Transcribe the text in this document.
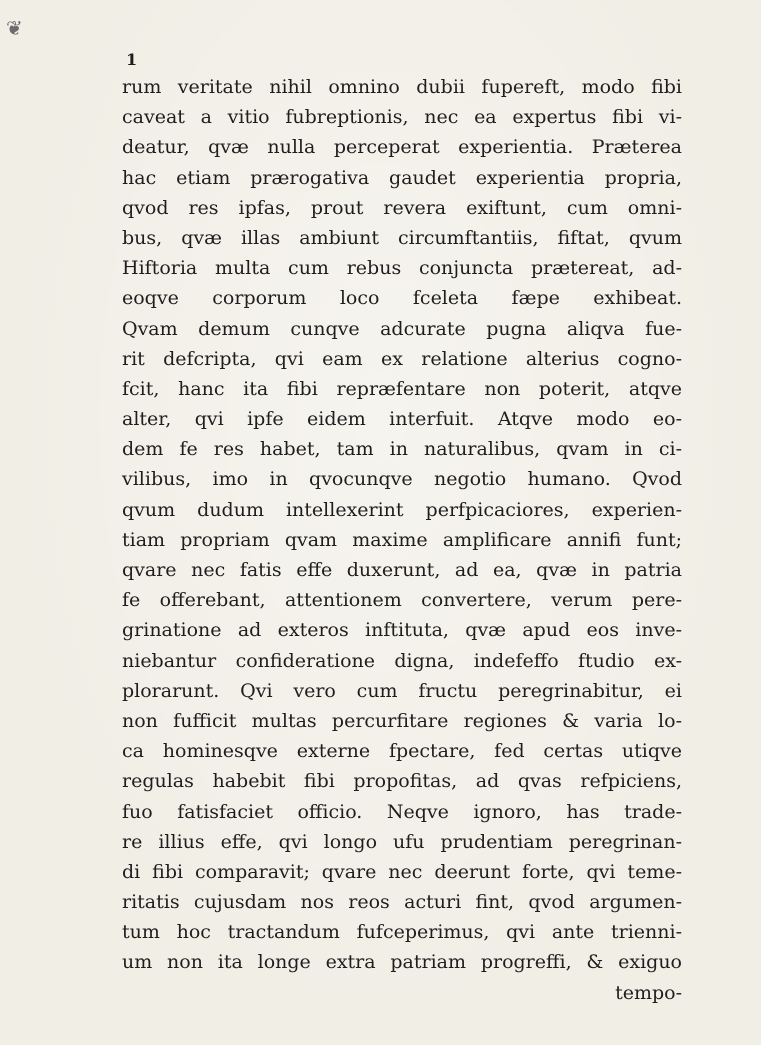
❦
1
rum veritate nihil omnino dubii fupereft, modo fibi
caveat a vitio fubreptionis, nec ea expertus fibi vi-
deatur, qvæ nulla perceperat experientia. Præterea
hac etiam prærogativa gaudet experientia propria,
qvod res ipfas, prout revera exiftunt, cum omni-
bus, qvæ illas ambiunt circumftantiis, fiftat, qvum
Hiftoria multa cum rebus conjuncta prætereat, ad-
eoqve corporum loco fceleta fæpe exhibeat.
Qvam demum cunqve adcurate pugna aliqva fue-
rit defcripta, qvi eam ex relatione alterius cogno-
fcit, hanc ita fibi repræfentare non poterit, atqve
alter, qvi ipfe eidem interfuit. Atqve modo eo-
dem fe res habet, tam in naturalibus, qvam in ci-
vilibus, imo in qvocunqve negotio humano. Qvod
qvum dudum intellexerint perfpicaciores, experien-
tiam propriam qvam maxime amplificare annifi funt;
qvare nec fatis effe duxerunt, ad ea, qvæ in patria
fe offerebant, attentionem convertere, verum pere-
grinatione ad exteros inftituta, qvæ apud eos inve-
niebantur confideratione digna, indefeffo ftudio ex-
plorarunt. Qvi vero cum fructu peregrinabitur, ei
non fufficit multas percurfitare regiones & varia lo-
ca hominesqve externe fpectare, fed certas utiqve
regulas habebit fibi propofitas, ad qvas refpiciens,
fuo fatisfaciet officio. Neqve ignoro, has trade-
re illius effe, qvi longo ufu prudentiam peregrinan-
di fibi comparavit; qvare nec deerunt forte, qvi teme-
ritatis cujusdam nos reos acturi fint, qvod argumen-
tum hoc tractandum fufceperimus, qvi ante trienni-
um non ita longe extra patriam progreffi, & exiguo
tempo-
